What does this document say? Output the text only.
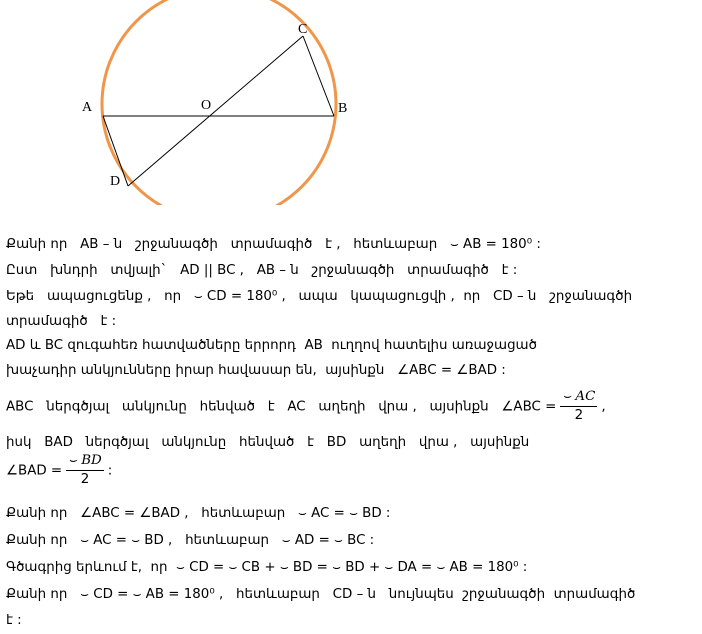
C
A	O	B
D
Քանի որ   AB – ն   շրջանագծի   տրամագիծ   է ,   հետևաբար   ⌣ AB = 180⁰ :
Ըստ   խնդրի   տվյալի`   AD || BC ,   AB – ն   շրջանագծի   տրամագիծ   է :
Եթե   ապացուցենք ,   որ   ⌣ CD = 180⁰ ,   ապա   կապացուցվի ,  որ   CD – ն   շրջանագծի
տրամագիծ   է :
AD և BC զուգահեռ հատվածները երրորդ  AB  ուղղով հատելիս առաջացած
խաչադիր անկյունները իրար հավասար են,  այսինքն   ∠ABC = ∠BAD :
ABC   ներգծյալ   անկյունը   հենված   է   AC   աղեղի   վրա ,   այսինքն   ∠ABC = $\frac{⌣ AC}{2}$ ,
իսկ   BAD   ներգծյալ   անկյունը   հենված   է   BD   աղեղի   վրա ,   այսինքն
∠BAD = $\frac{⌣ BD}{2}$ :
Քանի որ   ∠ABC = ∠BAD ,   հետևաբար   ⌣ AC = ⌣ BD :
Քանի որ   ⌣ AC = ⌣ BD ,   հետևաբար   ⌣ AD = ⌣ BC :
Գծագրից երևում է,  որ  ⌣ CD = ⌣ CB + ⌣ BD = ⌣ BD + ⌣ DA = ⌣ AB = 180⁰ :
Քանի որ   ⌣ CD = ⌣ AB = 180⁰ ,   հետևաբար   CD – ն   նույնպես  շրջանագծի  տրամագիծ
է :
